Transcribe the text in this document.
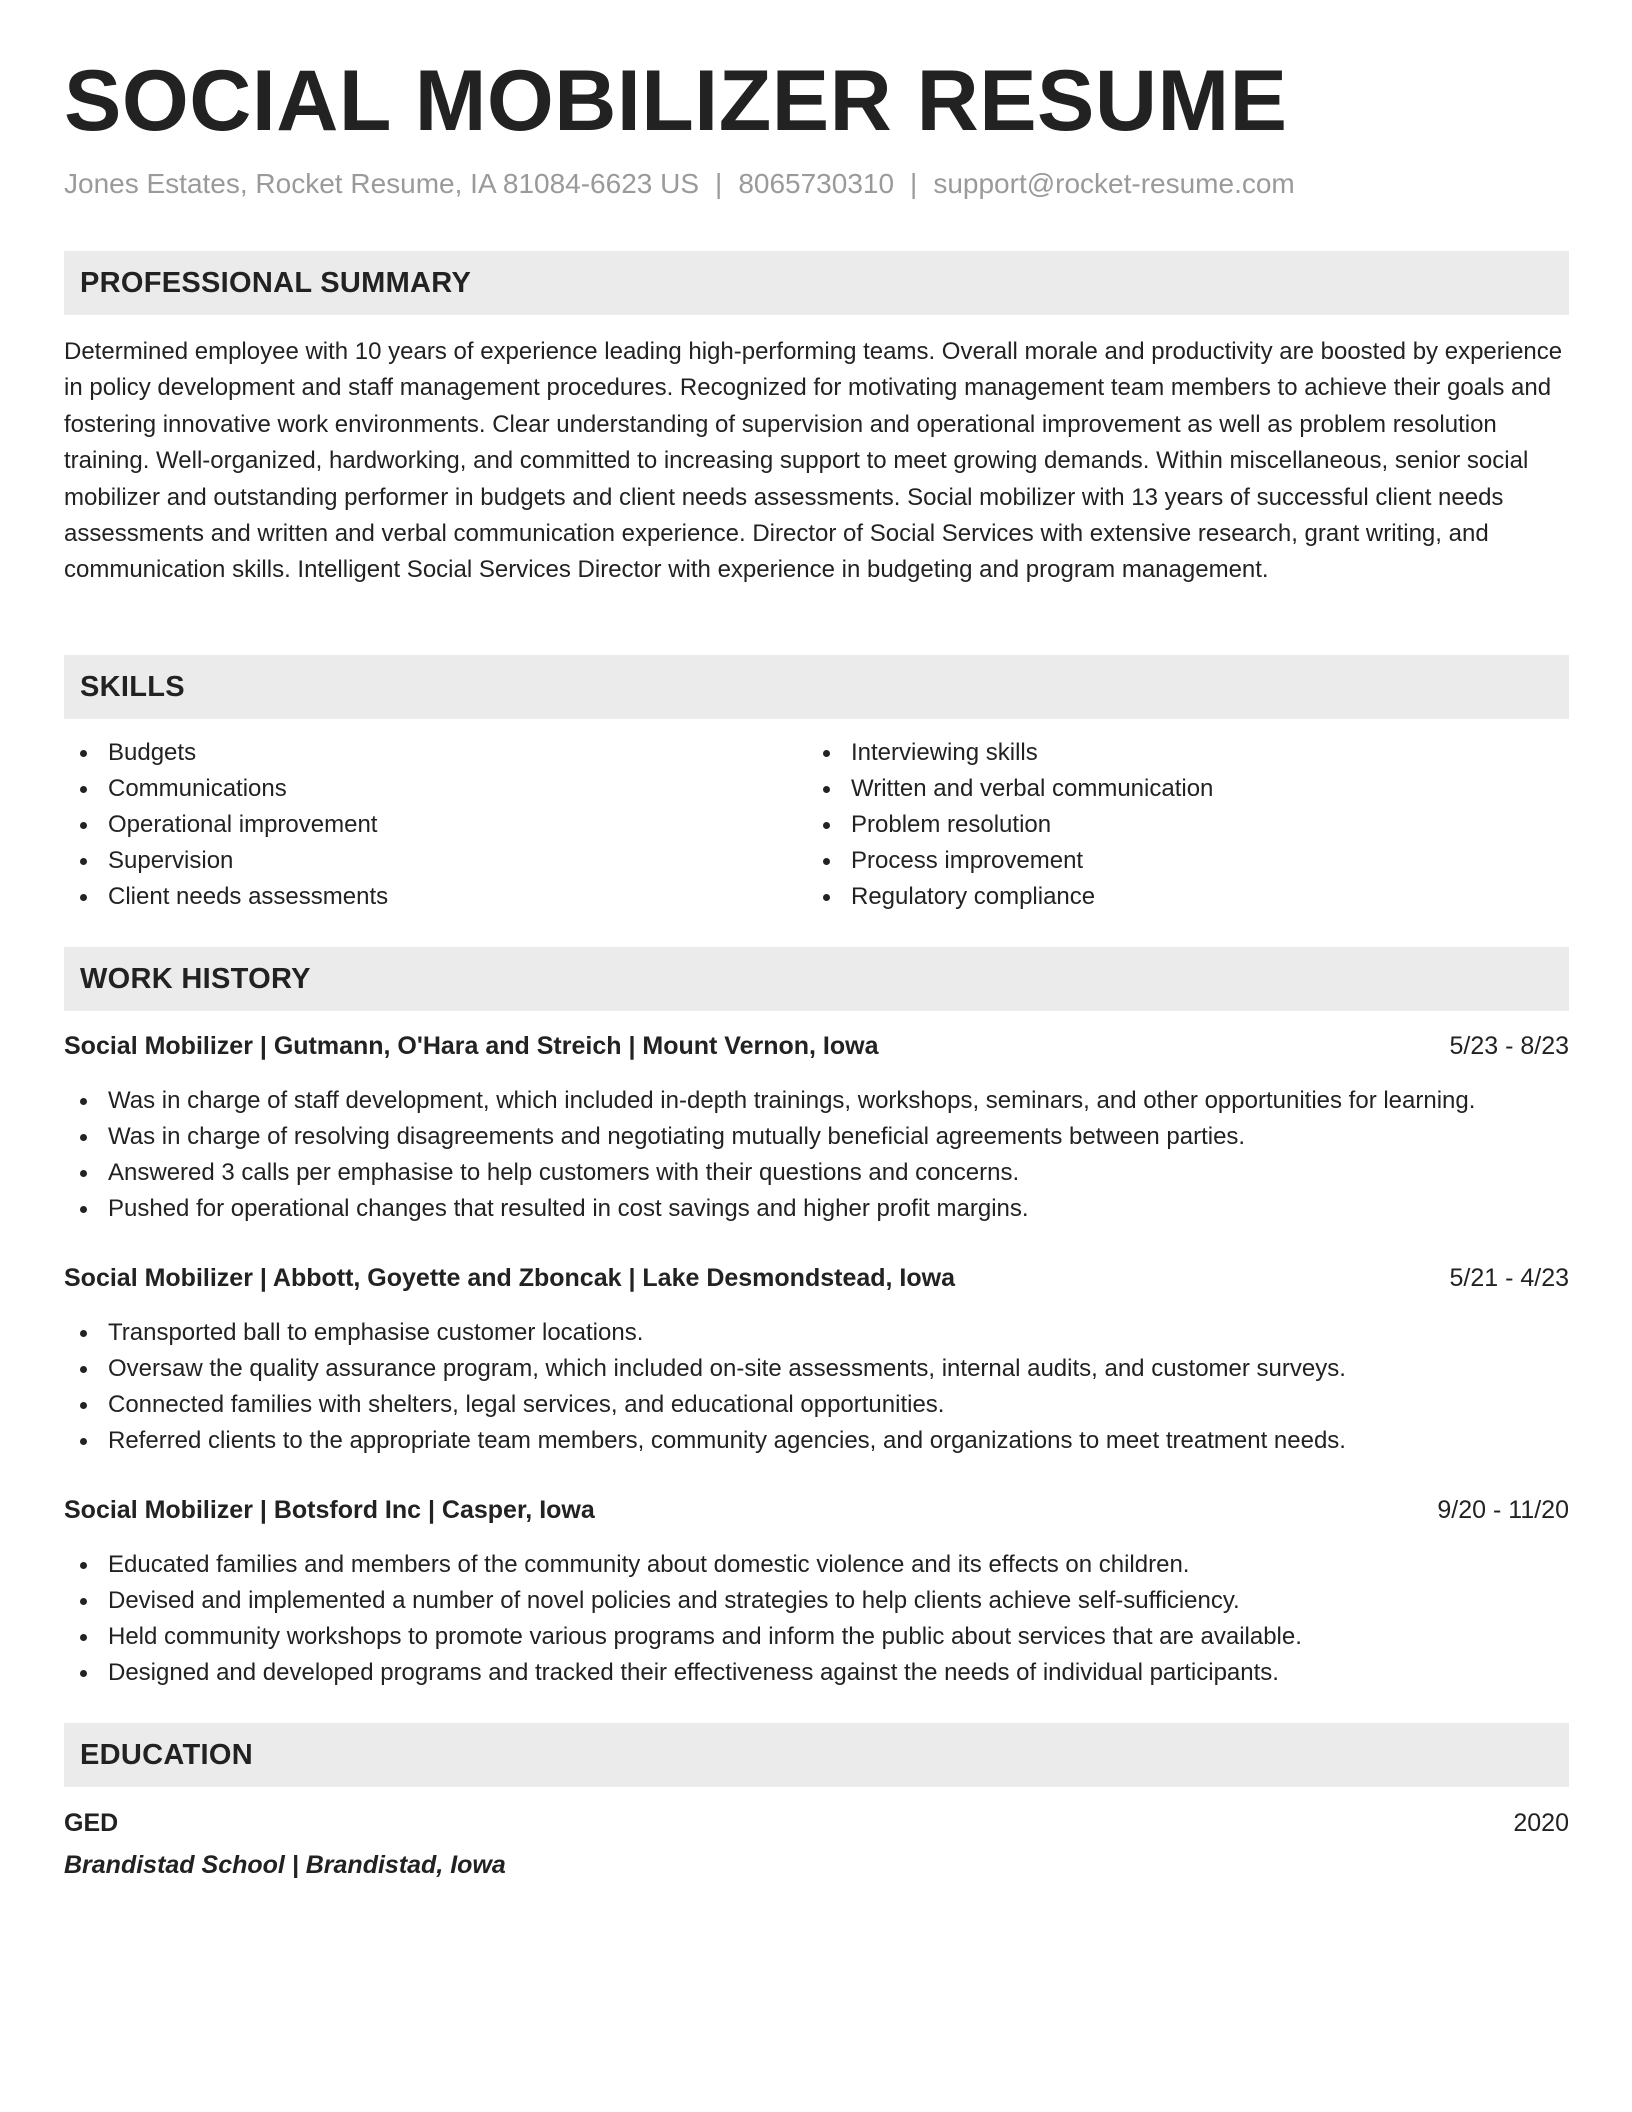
SOCIAL MOBILIZER RESUME
Jones Estates, Rocket Resume, IA 81084-6623 US | 8065730310 | support@rocket-resume.com
PROFESSIONAL SUMMARY

Determined employee with 10 years of experience leading high-performing teams. Overall morale and productivity are boosted by experience in policy development and staff management procedures. Recognized for motivating management team members to achieve their goals and fostering innovative work environments. Clear understanding of supervision and operational improvement as well as problem resolution training. Well-organized, hardworking, and committed to increasing support to meet growing demands. Within miscellaneous, senior social mobilizer and outstanding performer in budgets and client needs assessments. Social mobilizer with 13 years of successful client needs assessments and written and verbal communication experience. Director of Social Services with extensive research, grant writing, and communication skills. Intelligent Social Services Director with experience in budgeting and program management.

SKILLS
Budgets
Communications
Operational improvement
Supervision
Client needs assessments
Interviewing skills
Written and verbal communication
Problem resolution
Process improvement
Regulatory compliance
WORK HISTORY
Social Mobilizer | Gutmann, O'Hara and Streich | Mount Vernon, Iowa	5/23 - 8/23
Was in charge of staff development, which included in-depth trainings, workshops, seminars, and other opportunities for learning.
Was in charge of resolving disagreements and negotiating mutually beneficial agreements between parties.
Answered 3 calls per emphasise to help customers with their questions and concerns.
Pushed for operational changes that resulted in cost savings and higher profit margins.
Social Mobilizer | Abbott, Goyette and Zboncak | Lake Desmondstead, Iowa	5/21 - 4/23
Transported ball to emphasise customer locations.
Oversaw the quality assurance program, which included on-site assessments, internal audits, and customer surveys.
Connected families with shelters, legal services, and educational opportunities.
Referred clients to the appropriate team members, community agencies, and organizations to meet treatment needs.
Social Mobilizer | Botsford Inc | Casper, Iowa	9/20 - 11/20
Educated families and members of the community about domestic violence and its effects on children.
Devised and implemented a number of novel policies and strategies to help clients achieve self-sufficiency.
Held community workshops to promote various programs and inform the public about services that are available.
Designed and developed programs and tracked their effectiveness against the needs of individual participants.
EDUCATION
GED	2020
Brandistad School | Brandistad, Iowa
